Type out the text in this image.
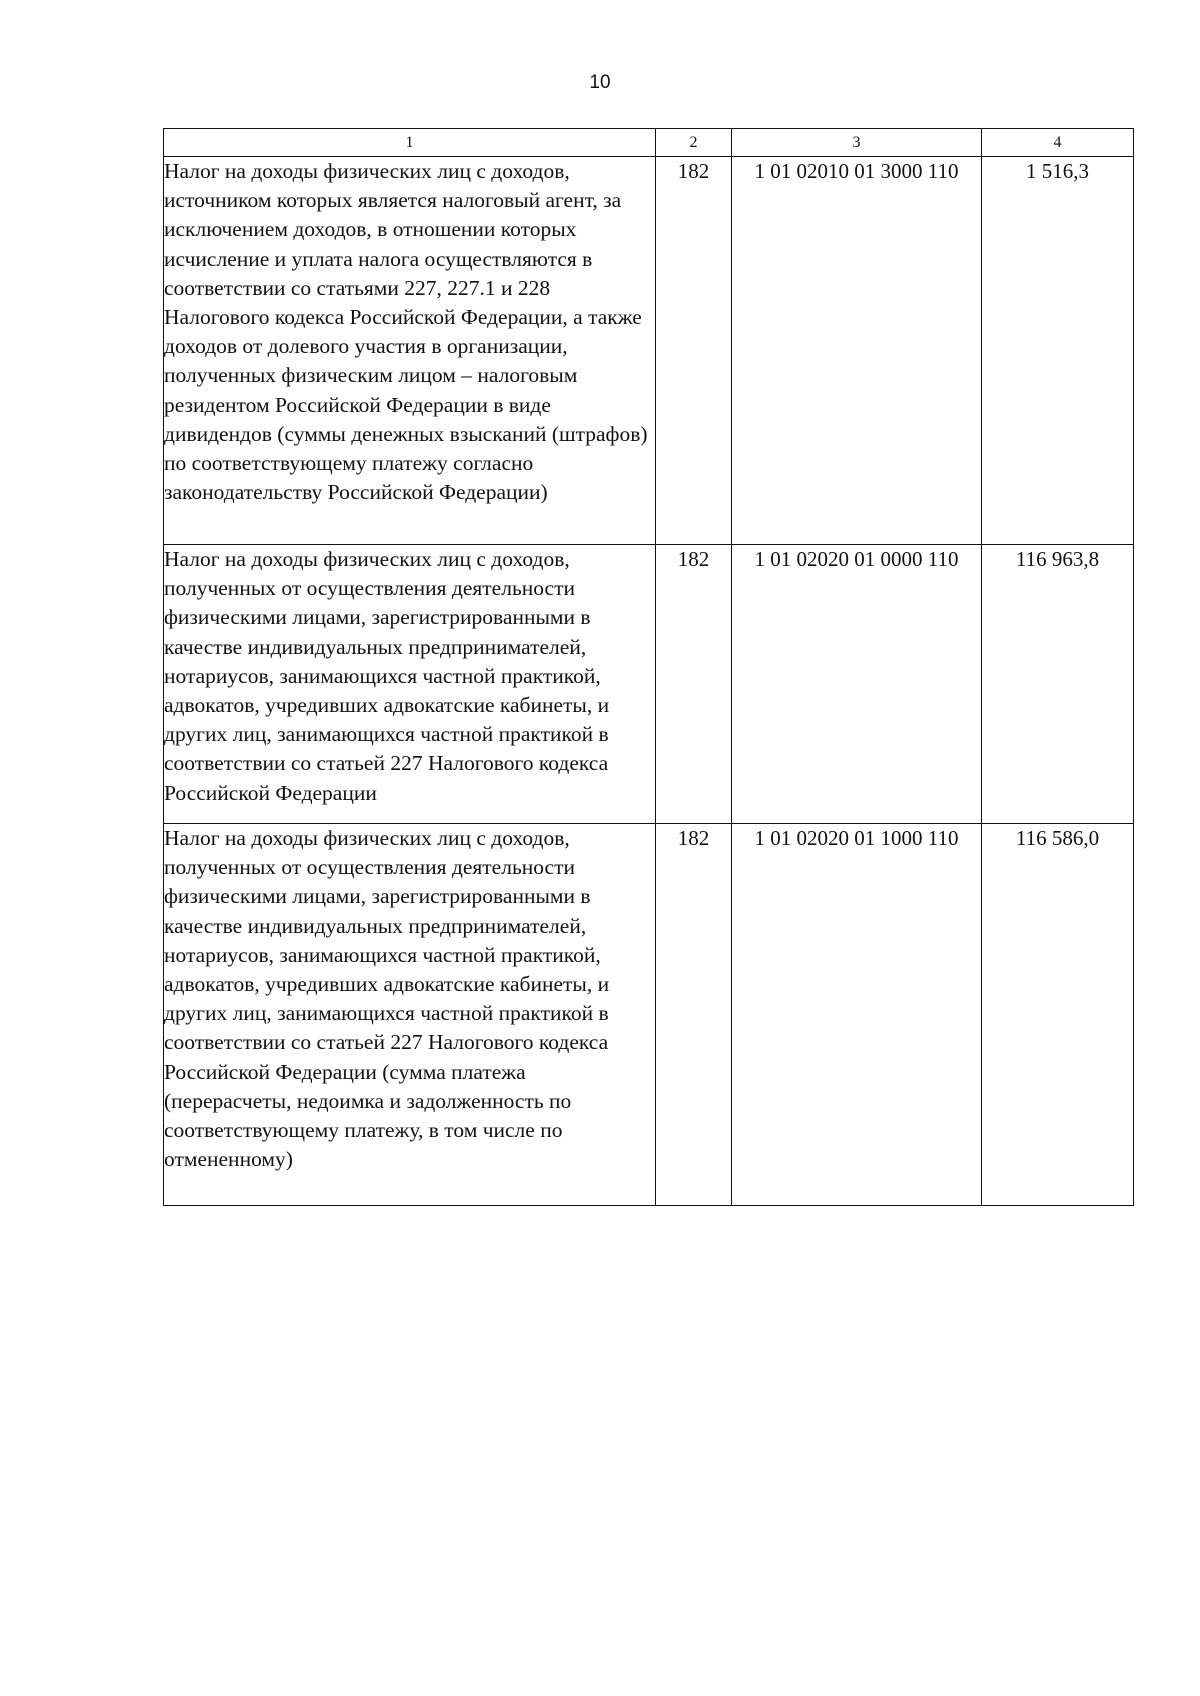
10
1	2	3	4
Налог на доходы физических лиц с доходов, источником которых является налоговый агент, за исключением доходов, в отношении которых исчисление и уплата налога осуществляются в соответствии со статьями 227, 227.1 и 228 Налогового кодекса Российской Федерации, а также доходов от долевого участия в организации, полученных физическим лицом – налоговым резидентом Российской Федерации в виде дивидендов (суммы денежных взысканий (штрафов) по соответствующему платежу согласно законодательству Российской Федерации)	182	1 01 02010 01 3000 110	1 516,3
Налог на доходы физических лиц с доходов, полученных от осуществления деятельности физическими лицами, зарегистрированными в качестве индивидуальных предпринимателей, нотариусов, занимающихся частной практикой, адвокатов, учредивших адвокатские кабинеты, и других лиц, занимающихся частной практикой в соответствии со статьей 227 Налогового кодекса Российской Федерации	182	1 01 02020 01 0000 110	116 963,8
Налог на доходы физических лиц с доходов, полученных от осуществления деятельности физическими лицами, зарегистрированными в качестве индивидуальных предпринимателей, нотариусов, занимающихся частной практикой, адвокатов, учредивших адвокатские кабинеты, и других лиц, занимающихся частной практикой в соответствии со статьей 227 Налогового кодекса Российской Федерации (сумма платежа (перерасчеты, недоимка и задолженность по соответствующему платежу, в том числе по отмененному)	182	1 01 02020 01 1000 110	116 586,0
